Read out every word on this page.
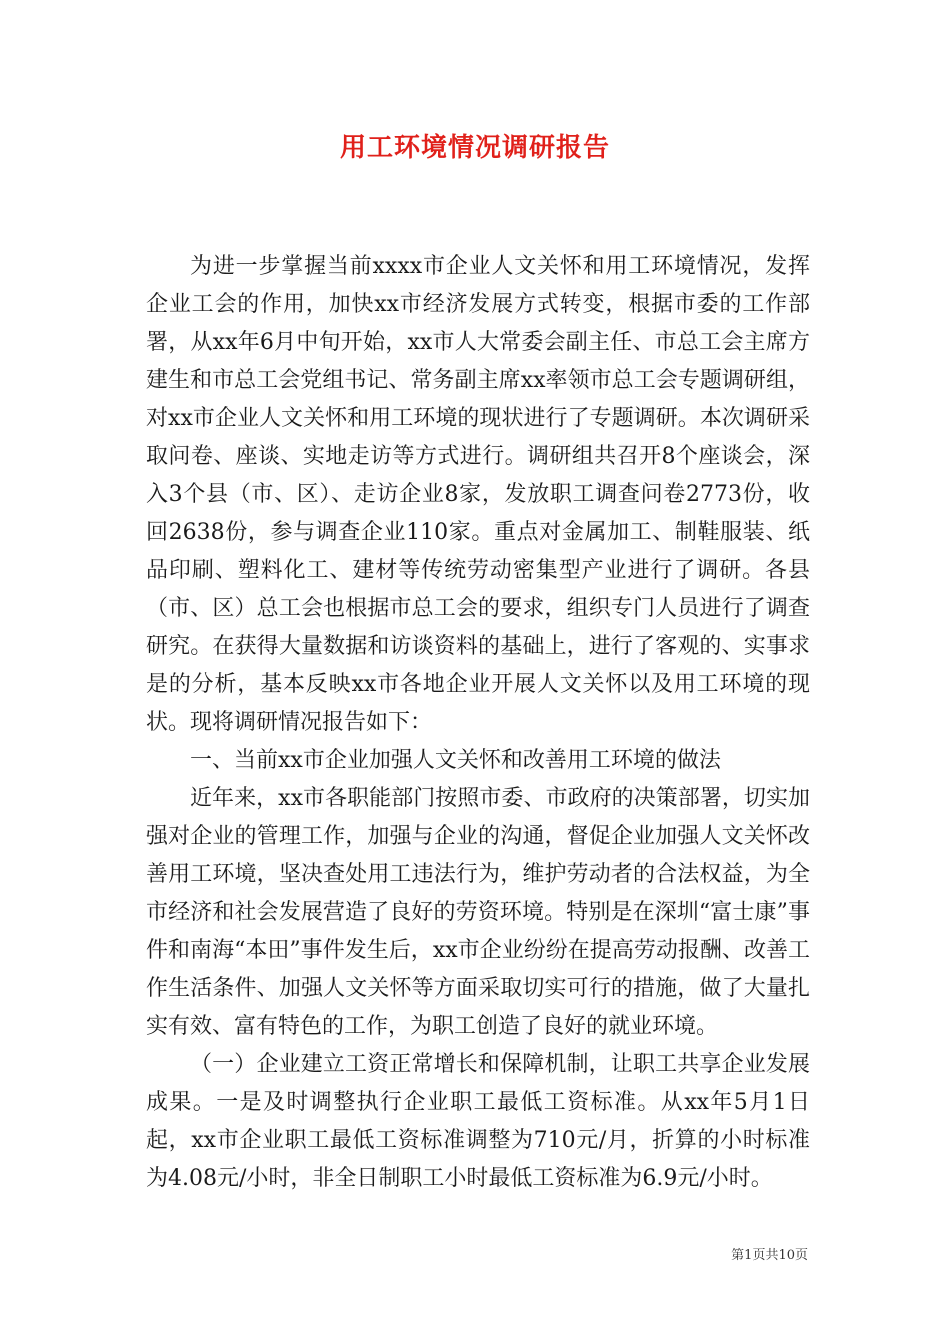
用工环境情况调研报告

为进一步掌握当前xxxx市企业人文关怀和用工环境情况，发挥企业工会的作用，加快xx市经济发展方式转变，根据市委的工作部署，从xx年6月中旬开始，xx市人大常委会副主任、市总工会主席方建生和市总工会党组书记、常务副主席xx率领市总工会专题调研组，对xx市企业人文关怀和用工环境的现状进行了专题调研。本次调研采取问卷、座谈、实地走访等方式进行。调研组共召开8个座谈会，深入3个县（市、区）、走访企业8家，发放职工调查问卷2773份，收回2638份，参与调查企业110家。重点对金属加工、制鞋服装、纸品印刷、塑料化工、建材等传统劳动密集型产业进行了调研。各县（市、区）总工会也根据市总工会的要求，组织专门人员进行了调查研究。在获得大量数据和访谈资料的基础上，进行了客观的、实事求是的分析，基本反映xx市各地企业开展人文关怀以及用工环境的现状。现将调研情况报告如下：

一、当前xx市企业加强人文关怀和改善用工环境的做法

近年来，xx市各职能部门按照市委、市政府的决策部署，切实加强对企业的管理工作，加强与企业的沟通，督促企业加强人文关怀改善用工环境，坚决查处用工违法行为，维护劳动者的合法权益，为全市经济和社会发展营造了良好的劳资环境。特别是在深圳“富士康”事件和南海“本田”事件发生后，xx市企业纷纷在提高劳动报酬、改善工作生活条件、加强人文关怀等方面采取切实可行的措施，做了大量扎实有效、富有特色的工作，为职工创造了良好的就业环境。

（一）企业建立工资正常增长和保障机制，让职工共享企业发展成果。一是及时调整执行企业职工最低工资标准。从xx年5月1日起，xx市企业职工最低工资标准调整为710元/月，折算的小时标准为4.08元/小时，非全日制职工小时最低工资标准为6.9元/小时。

第1页共10页
